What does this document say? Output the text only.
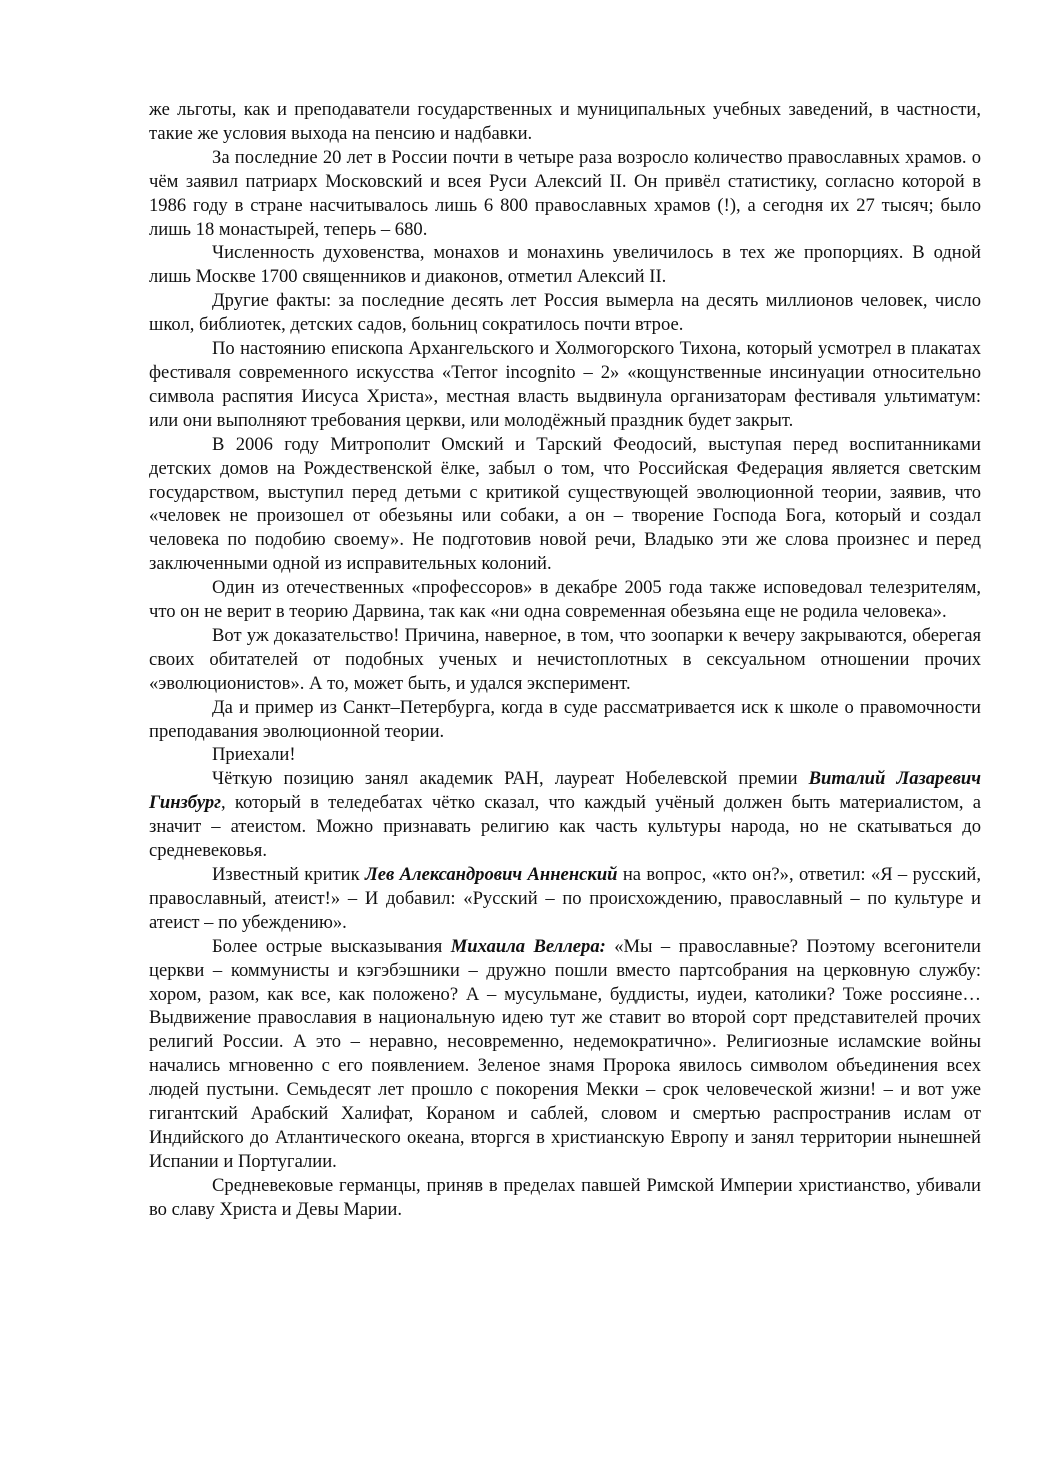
же льготы, как и преподаватели государственных и муниципальных учебных заведений, в частности, такие же условия выхода на пенсию и надбавки.

За последние 20 лет в России почти в четыре раза возросло количество православных храмов. о чём заявил патриарх Московский и всея Руси Алексий II. Он привёл статистику, согласно которой в 1986 году в стране насчитывалось лишь 6 800 православных храмов (!), а сегодня их 27 тысяч; было лишь 18 монастырей, теперь – 680.

Численность духовенства, монахов и монахинь увеличилось в тех же пропорциях. В одной лишь Москве 1700 священников и диаконов, отметил Алексий II.

Другие факты: за последние десять лет Россия вымерла на десять миллионов человек, число школ, библиотек, детских садов, больниц сократилось почти втрое.

По настоянию епископа Архангельского и Холмогорского Тихона, который усмотрел в плакатах фестиваля современного искусства «Terror incognito – 2» «кощунственные инсинуации относительно символа распятия Иисуса Христа», местная власть выдвинула организаторам фестиваля ультиматум: или они выполняют требования церкви, или молодёжный праздник будет закрыт.

В 2006 году Митрополит Омский и Тарский Феодосий, выступая перед воспитанниками детских домов на Рождественской ёлке, забыл о том, что Российская Федерация является светским государством, выступил перед детьми с критикой существующей эволюционной теории, заявив, что «человек не произошел от обезьяны или собаки, а он – творение Господа Бога, который и создал человека по подобию своему». Не подготовив новой речи, Владыко эти же слова произнес и перед заключенными одной из исправительных колоний.

Один из отечественных «профессоров» в декабре 2005 года также исповедовал телезрителям, что он не верит в теорию Дарвина, так как «ни одна современная обезьяна еще не родила человека».

Вот уж доказательство! Причина, наверное, в том, что зоопарки к вечеру закрываются, оберегая своих обитателей от подобных ученых и нечистоплотных в сексуальном отношении прочих «эволюционистов». А то, может быть, и удался эксперимент.

Да и пример из Санкт–Петербурга, когда в суде рассматривается иск к школе о правомочности преподавания эволюционной теории.

Приехали!

Чёткую позицию занял академик РАН, лауреат Нобелевской премии Виталий Лазаревич Гинзбург, который в теледебатах чётко сказал, что каждый учёный должен быть материалистом, а значит – атеистом. Можно признавать религию как часть культуры народа, но не скатываться до средневековья.

Известный критик Лев Александрович Анненский на вопрос, «кто он?», ответил: «Я – русский, православный, атеист!» – И добавил: «Русский – по происхождению, православный – по культуре и атеист – по убеждению».

Более острые высказывания Михаила Веллера: «Мы – православные? Поэтому всегонители церкви – коммунисты и кэгэбэшники – дружно пошли вместо партсобрания на церковную службу: хором, разом, как все, как положено? А – мусульмане, буддисты, иудеи, католики? Тоже россияне… Выдвижение православия в национальную идею тут же ставит во второй сорт представителей прочих религий России. А это – неравно, несовременно, недемократично». Религиозные исламские войны начались мгновенно с его появлением. Зеленое знамя Пророка явилось символом объединения всех людей пустыни. Семьдесят лет прошло с покорения Мекки – срок человеческой жизни! – и вот уже гигантский Арабский Халифат, Кораном и саблей, словом и смертью распространив ислам от Индийского до Атлантического океана, вторгся в христианскую Европу и занял территории нынешней Испании и Португалии.

Средневековые германцы, приняв в пределах павшей Римской Империи христианство, убивали во славу Христа и Девы Марии.
